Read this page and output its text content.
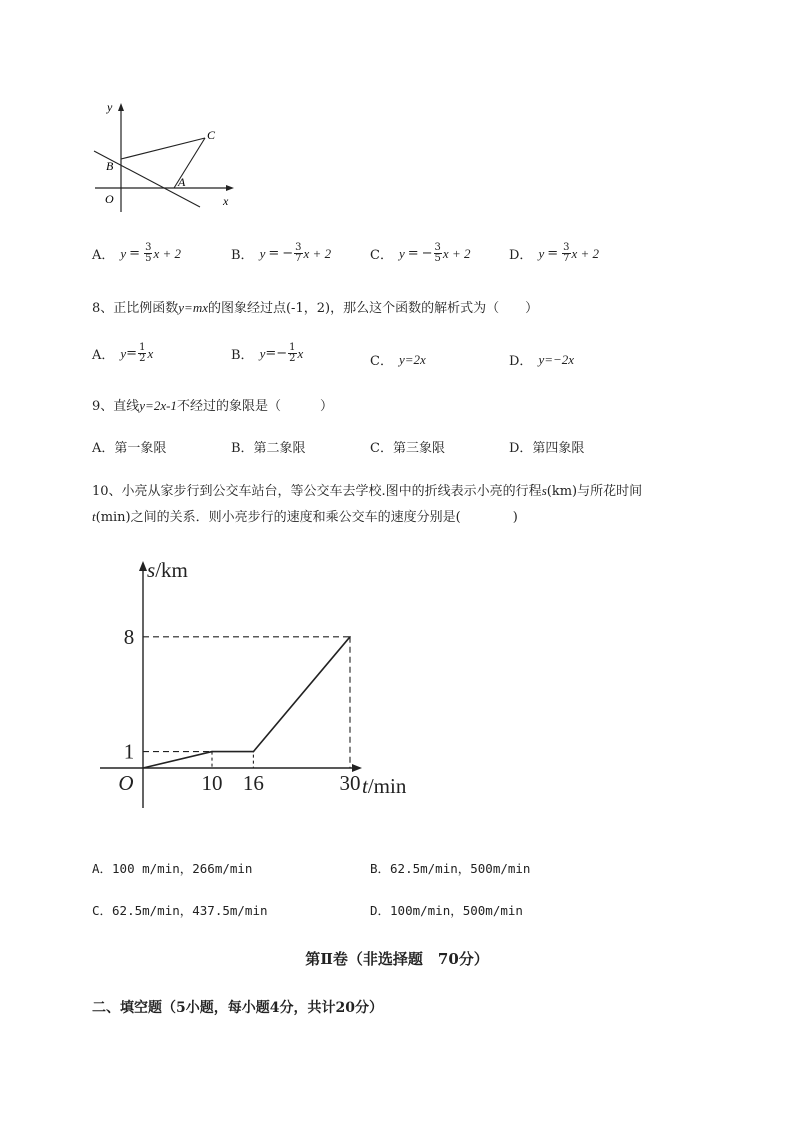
y
x
O
B
A
C
A． $y = \frac{3}{5}$ x + 2	B． y = − $\frac{3}{7}$ x + 2	C． y = − $\frac{3}{5}$ x + 2	D． $y = \frac{3}{7}$ x + 2
8、正比例函数y=mx的图象经过点(-1，2)，那么这个函数的解析式为（　　）
A． $y = \frac{1}{2}$ x	B． $y =- \frac{1}{2}$ x
C． y=2x	D． y=−2x
9、直线y=2x-1不经过的象限是（　　　）
A．第一象限	B．第二象限	C．第三象限	D．第四象限
10、小亮从家步行到公交车站台，等公交车去学校.图中的折线表示小亮的行程s(km)与所花时间
t(min)之间的关系．则小亮步行的速度和乘公交车的速度分别是(　　　　)
10 16	30
1
8
O	t/min
s/km
A．100 m/min，266m/min	B．62.5m/min，500m/min
C．62.5m/min，437.5m/min	D．100m/min，500m/min
第Ⅱ卷（非选择题　70分）
二、填空题（5小题，每小题4分，共计20分）
